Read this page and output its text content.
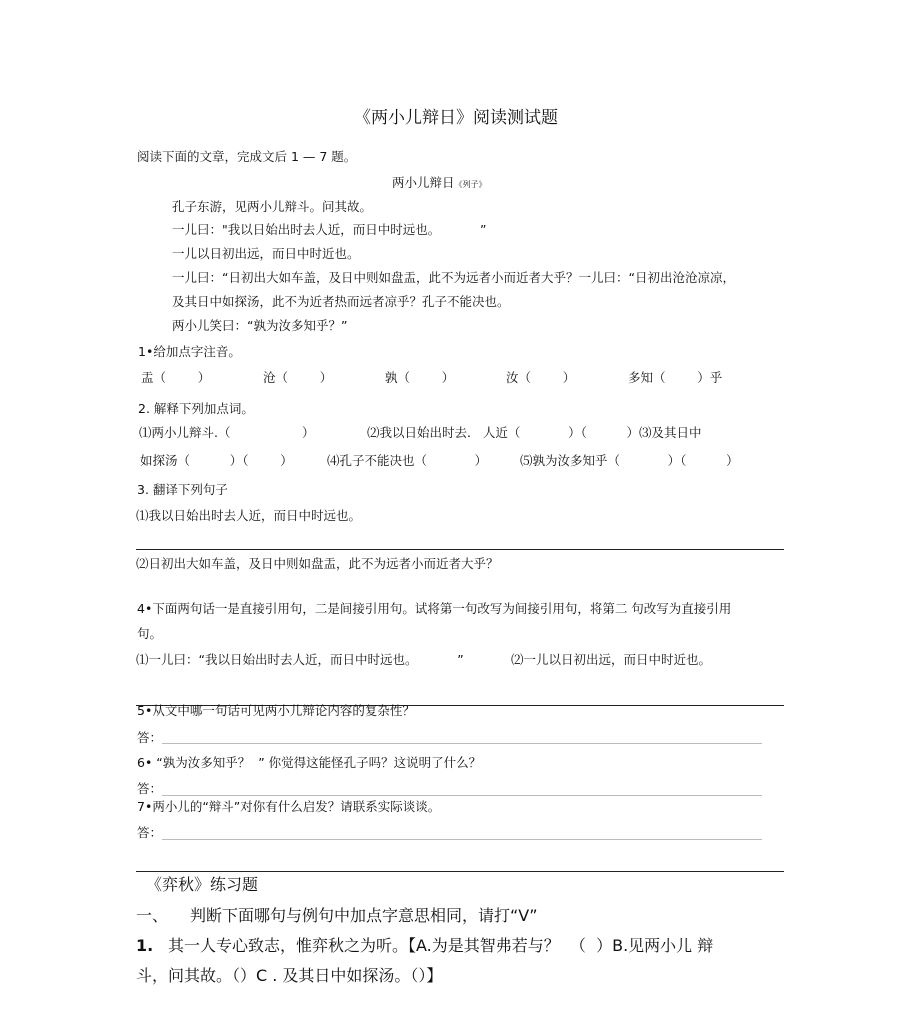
《两小儿辩日》阅读测试题
阅读下面的文章，完成文后 1 — 7 题。
两小儿辩日《列子》
孔子东游，见两小儿辩斗。问其故。
一儿曰："我以日始出时去人近，而日中时远也。          ”
一儿以日初出远，而日中时近也。
一儿曰：“日初出大如车盖，及日中则如盘盂，此不为远者小而近者大乎？一儿曰：“日初出沧沧凉凉，
及其日中如探汤，此不为近者热而远者凉乎？孔子不能决也。
两小儿笑曰：“孰为汝多知乎？”
1•给加点字注音。
盂（        ）	沧（        ）	孰（        ）	汝（        ）	多知（        ）乎
2. 解释下列加点词。
⑴两小儿辩斗.（                  ）	⑵我以日始出时去.   人近（            ）（          ）⑶及其日中
如探汤（          ）（        ）	⑷孔子不能决也（            ）	⑸孰为汝多知乎（            ）（          ）
3. 翻译下列句子
⑴我以日始出时去人近，而日中时远也。
⑵日初出大如车盖，及日中则如盘盂，此不为远者小而近者大乎？
4•下面两句话一是直接引用句，二是间接引用句。试将第一句改写为间接引用句，将第二 句改写为直接引用
句。
⑴一儿曰：“我以日始出时去人近，而日中时远也。          ”	⑵一儿以日初出远，而日中时近也。
5•从文中哪一句话可见两小儿辩论内容的复杂性？
答：
6• “孰为汝多知乎？  ” 你觉得这能怪孔子吗？这说明了什么？
答：
7•两小儿的“辩斗”对你有什么启发？请联系实际谈谈。
答：
《弈秋》练习题
一、 判断下面哪句与例句中加点字意思相同，请打“V”
1. 其一人专心致志，惟弈秋之为听。【A.为是其智弗若与？  （  ）B.见两小儿 辩
斗，问其故。（）C . 及其日中如探汤。（）】
